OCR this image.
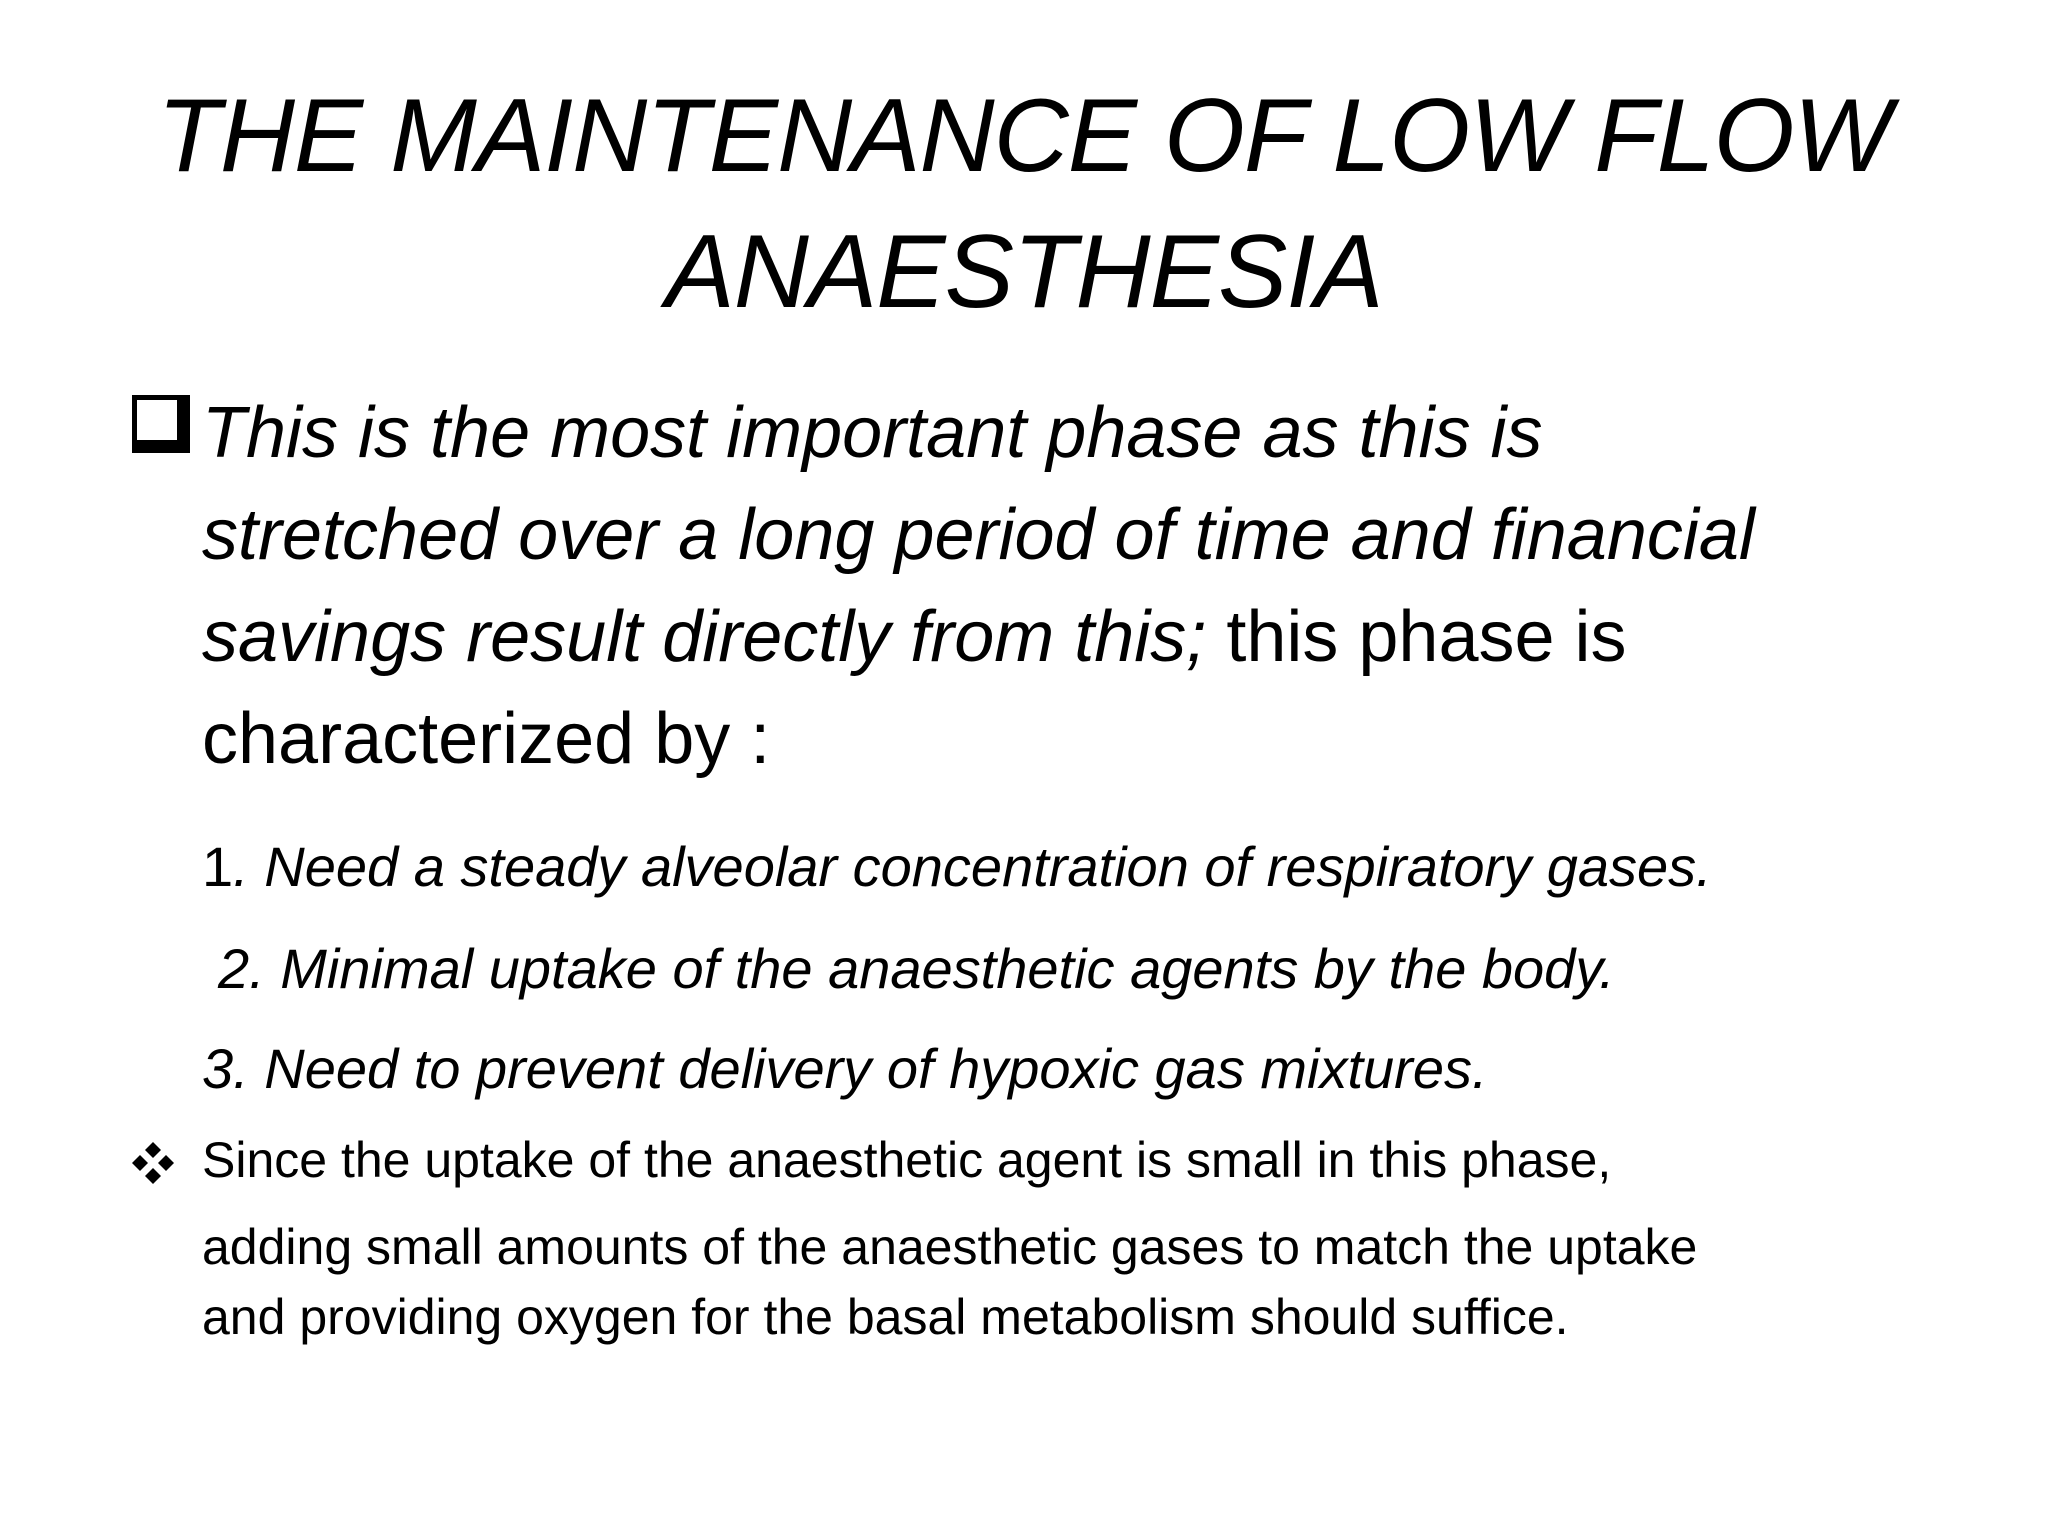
THE MAINTENANCE OF LOW FLOW
ANAESTHESIA
This is the most important phase as this is
stretched over a long period of time and financial
savings result directly from this; this phase is
characterized by :
1. Need a steady alveolar concentration of respiratory gases.
2. Minimal uptake of the anaesthetic agents by the body.
3. Need to prevent delivery of hypoxic gas mixtures.
Since the uptake of the anaesthetic agent is small in this phase,
adding small amounts of the anaesthetic gases to match the uptake
and providing oxygen for the basal metabolism should suffice.
